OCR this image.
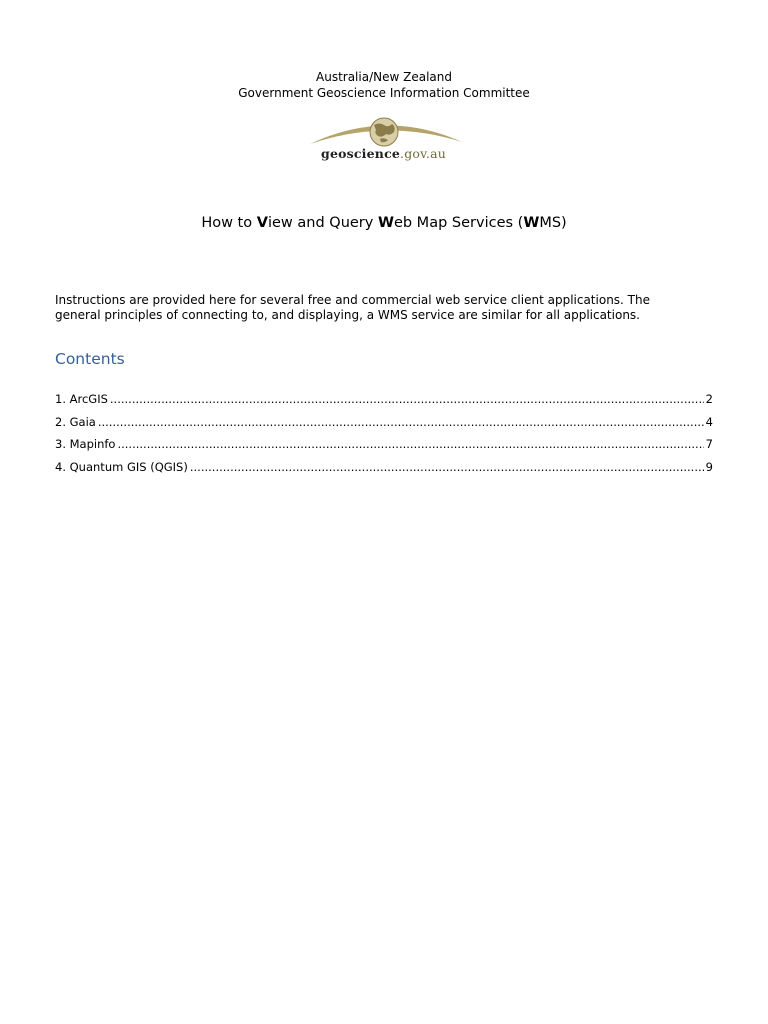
Australia/New Zealand
Government Geoscience Information Committee
geoscience.gov.au
How to View and Query Web Map Services (WMS)
Instructions are provided here for several free and commercial web service client applications. The
general principles of connecting to, and displaying, a WMS service are similar for all applications.
Contents
1. ArcGIS .....	2
2. Gaia .....	4
3. Mapinfo .....	7
4. Quantum GIS (QGIS) .....	9
